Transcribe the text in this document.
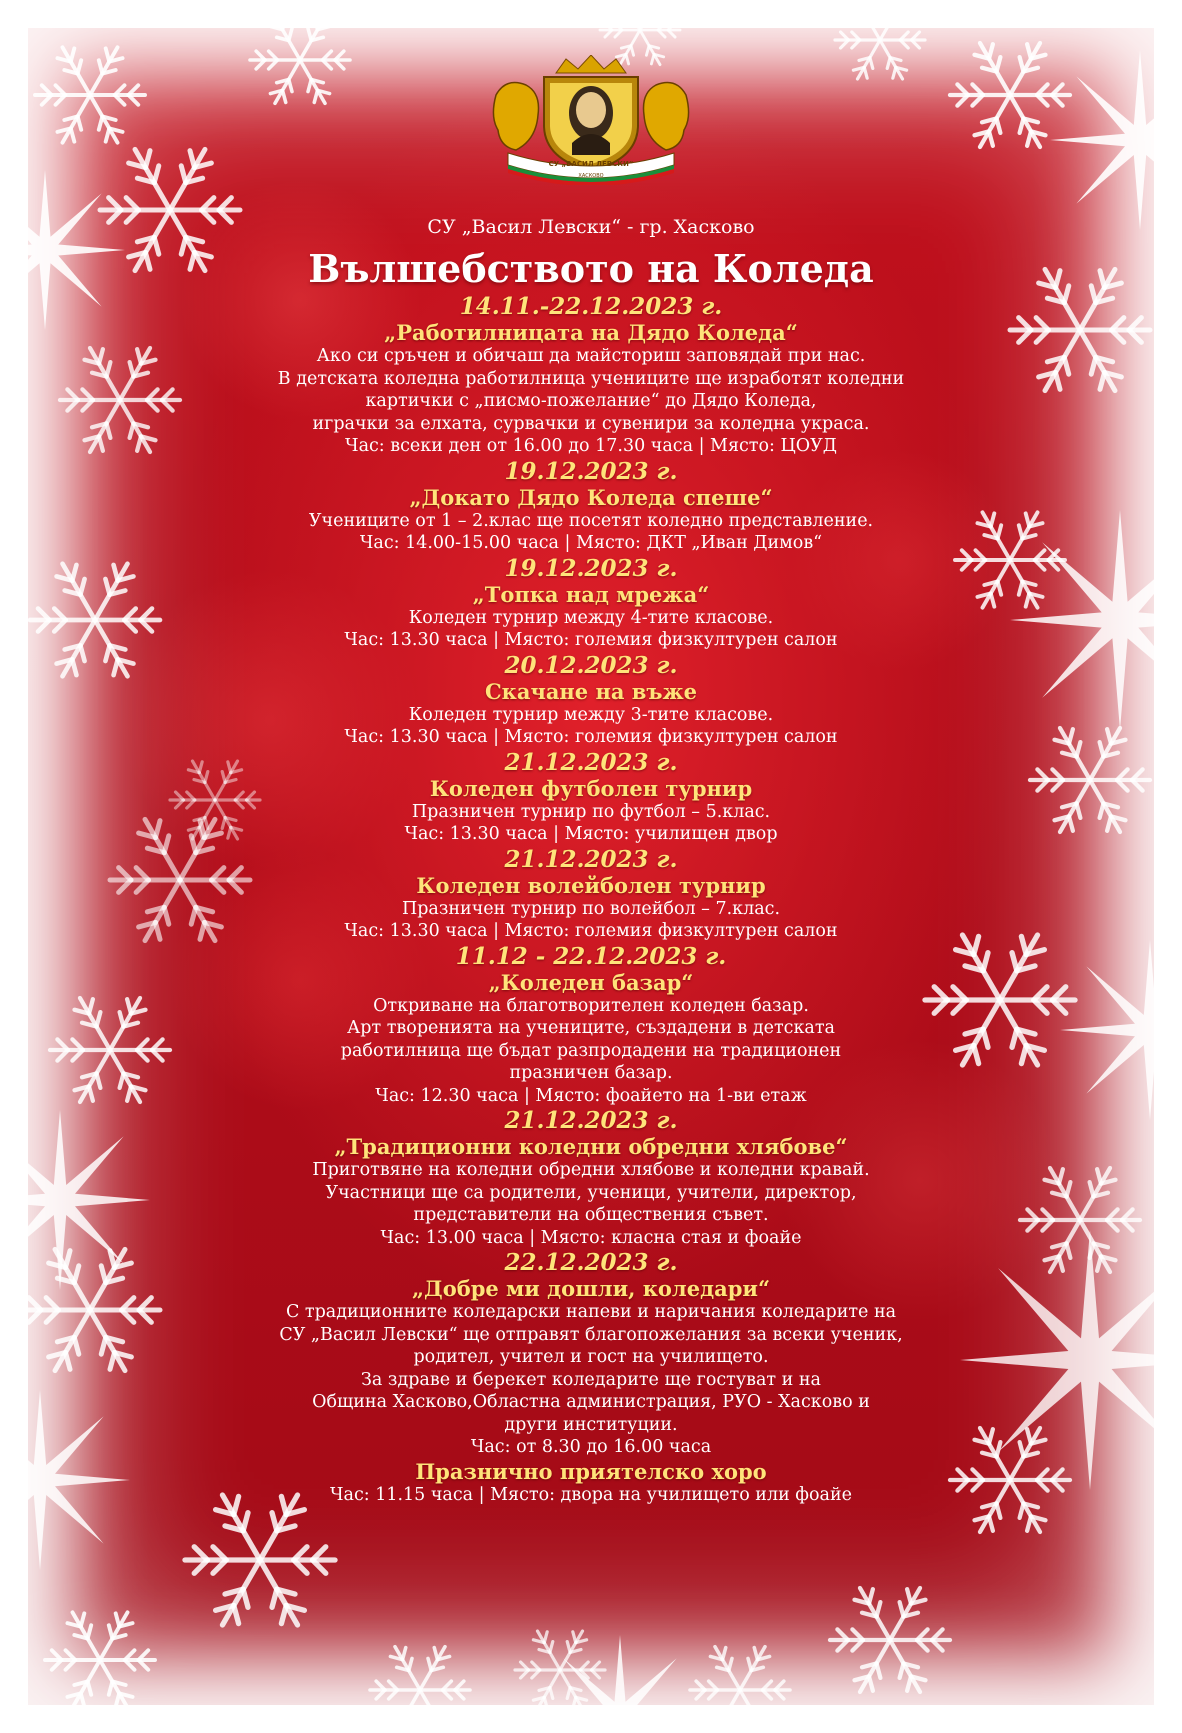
СУ „ВАСИЛ ЛЕВСКИ“
ХАСКОВО
СУ „Васил Левски“ - гр. Хасково
Вълшебството на Коледа
14.11.-22.12.2023 г.
„Работилницата на Дядо Коледа“
Ако си сръчен и обичаш да майсториш заповядай при нас.
В детската коледна работилница учениците ще изработят коледни
картички с „писмо-пожелание“ до Дядо Коледа,
играчки за елхата, сурвачки и сувенири за коледна украса.
Час: всеки ден от 16.00 до 17.30 часа | Място: ЦОУД
19.12.2023 г.
„Докато Дядо Коледа спеше“
Учениците от 1 – 2.клас ще посетят коледно представление.
Час: 14.00-15.00 часа | Място: ДКТ „Иван Димов“
19.12.2023 г.
„Топка над мрежа“
Коледен турнир между 4-тите класове.
Час: 13.30 часа | Място: големия физкултурен салон
20.12.2023 г.
Скачане на въже
Коледен турнир между 3-тите класове.
Час: 13.30 часа | Място: големия физкултурен салон
21.12.2023 г.
Коледен футболен турнир
Празничен турнир по футбол – 5.клас.
Час: 13.30 часа | Място: училищен двор
21.12.2023 г.
Коледен волейболен турнир
Празничен турнир по волейбол – 7.клас.
Час: 13.30 часа | Място: големия физкултурен салон
11.12 - 22.12.2023 г.
„Коледен базар“
Откриване на благотворителен коледен базар.
Арт творенията на учениците, създадени в детската
работилница ще бъдат разпродадени на традиционен
празничен базар.
Час: 12.30 часа | Място: фоайето на 1-ви етаж
21.12.2023 г.
„Традиционни коледни обредни хлябове“
Приготвяне на коледни обредни хлябове и коледни кравай.
Участници ще са родители, ученици, учители, директор,
представители на обществения съвет.
Час: 13.00 часа | Място: класна стая и фоайе
22.12.2023 г.
„Добре ми дошли, коледари“
С традиционните коледарски напеви и наричания коледарите на
СУ „Васил Левски“ ще отправят благопожелания за всеки ученик,
родител, учител и гост на училището.
За здраве и берекет коледарите ще гостуват и на
Община Хасково,Областна администрация, РУО - Хасково и
други институции.
Час: от 8.30 до 16.00 часа
Празнично приятелско хоро
Час: 11.15 часа | Място: двора на училището или фоайе
